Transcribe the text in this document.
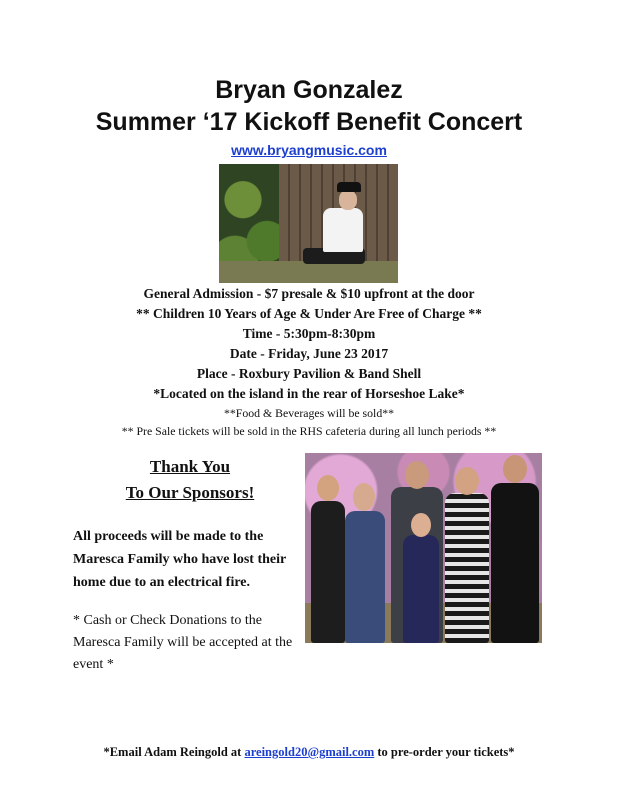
Bryan Gonzalez
Summer ‘17 Kickoff Benefit Concert
www.bryangmusic.com
General Admission - $7 presale & $10 upfront at the door
** Children 10 Years of Age & Under Are Free of Charge **
Time - 5:30pm-8:30pm
Date - Friday, June 23 2017
Place - Roxbury Pavilion & Band Shell
*Located on the island in the rear of Horseshoe Lake*
**Food & Beverages will be sold**
** Pre Sale tickets will be sold in the RHS cafeteria during all lunch periods **
Thank You
To Our Sponsors!
All proceeds will be made to the Maresca Family who have lost their home due to an electrical fire.
* Cash or Check Donations to the Maresca Family will be accepted at the event *
*Email Adam Reingold at areingold20@gmail.com to pre-order your tickets*
